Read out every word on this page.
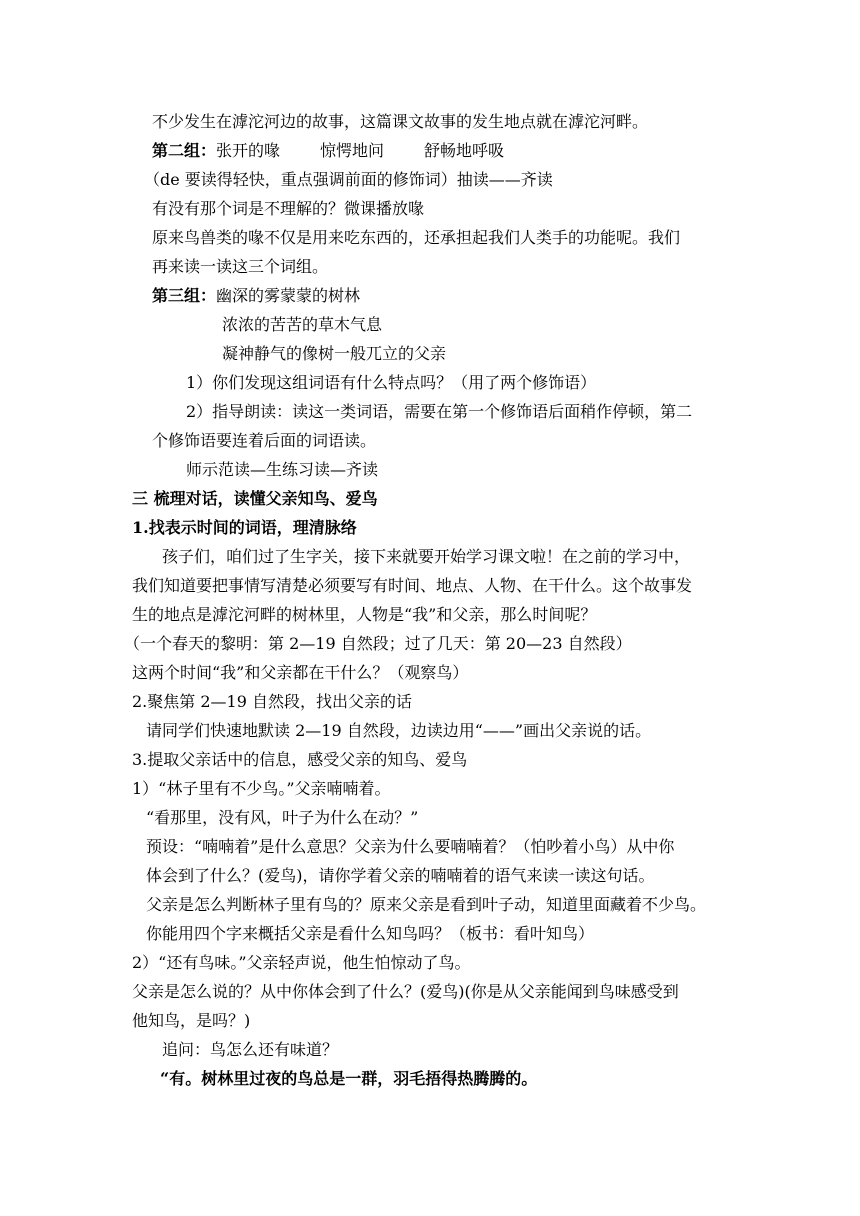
不少发生在滹沱河边的故事，这篇课文故事的发生地点就在滹沱河畔。
第二组：张开的喙	惊愕地问	舒畅地呼吸
（de 要读得轻快，重点强调前面的修饰词）抽读——齐读
有没有那个词是不理解的？微课播放喙
原来鸟兽类的喙不仅是用来吃东西的，还承担起我们人类手的功能呢。我们
再来读一读这三个词组。
第三组：幽深的雾蒙蒙的树林
浓浓的苦苦的草木气息
凝神静气的像树一般兀立的父亲
1）你们发现这组词语有什么特点吗？（用了两个修饰语）
2）指导朗读：读这一类词语，需要在第一个修饰语后面稍作停顿，第二
个修饰语要连着后面的词语读。
师示范读—生练习读—齐读
三 梳理对话，读懂父亲知鸟、爱鸟
1.找表示时间的词语，理清脉络
孩子们，咱们过了生字关，接下来就要开始学习课文啦！在之前的学习中，
我们知道要把事情写清楚必须要写有时间、地点、人物、在干什么。这个故事发
生的地点是滹沱河畔的树林里，人物是“我”和父亲，那么时间呢？
（一个春天的黎明：第 2—19 自然段；过了几天：第 20—23 自然段）
这两个时间“我”和父亲都在干什么？（观察鸟）
2.聚焦第 2—19 自然段，找出父亲的话
请同学们快速地默读 2—19 自然段，边读边用“——”画出父亲说的话。
3.提取父亲话中的信息，感受父亲的知鸟、爱鸟
1）“林子里有不少鸟。”父亲喃喃着。
“看那里，没有风，叶子为什么在动？”
预设：“喃喃着”是什么意思？父亲为什么要喃喃着？（怕吵着小鸟）从中你
体会到了什么？(爱鸟)，请你学着父亲的喃喃着的语气来读一读这句话。
父亲是怎么判断林子里有鸟的？原来父亲是看到叶子动，知道里面藏着不少鸟。
你能用四个字来概括父亲是看什么知鸟吗？（板书：看叶知鸟）
2）“还有鸟味。”父亲轻声说，他生怕惊动了鸟。
父亲是怎么说的？从中你体会到了什么？(爱鸟)(你是从父亲能闻到鸟味感受到
他知鸟，是吗？)
追问：鸟怎么还有味道？
“有。树林里过夜的鸟总是一群，羽毛捂得热腾腾的。
